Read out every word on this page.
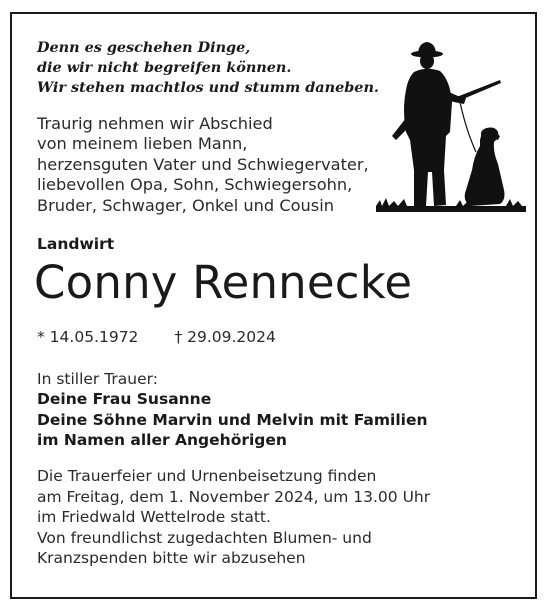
Denn es geschehen Dinge,
die wir nicht begreifen können.
Wir stehen machtlos und stumm daneben.
Traurig nehmen wir Abschied
von meinem lieben Mann,
herzensguten Vater und Schwiegervater,
liebevollen Opa, Sohn, Schwiegersohn,
Bruder, Schwager, Onkel und Cousin
Landwirt
Conny Rennecke
* 14.05.1972 † 29.09.2024
In stiller Trauer:
Deine Frau Susanne
Deine Söhne Marvin und Melvin mit Familien
im Namen aller Angehörigen
Die Trauerfeier und Urnenbeisetzung finden
am Freitag, dem 1. November 2024, um 13.00 Uhr
im Friedwald Wettelrode statt.
Von freundlichst zugedachten Blumen- und
Kranzspenden bitte wir abzusehen
